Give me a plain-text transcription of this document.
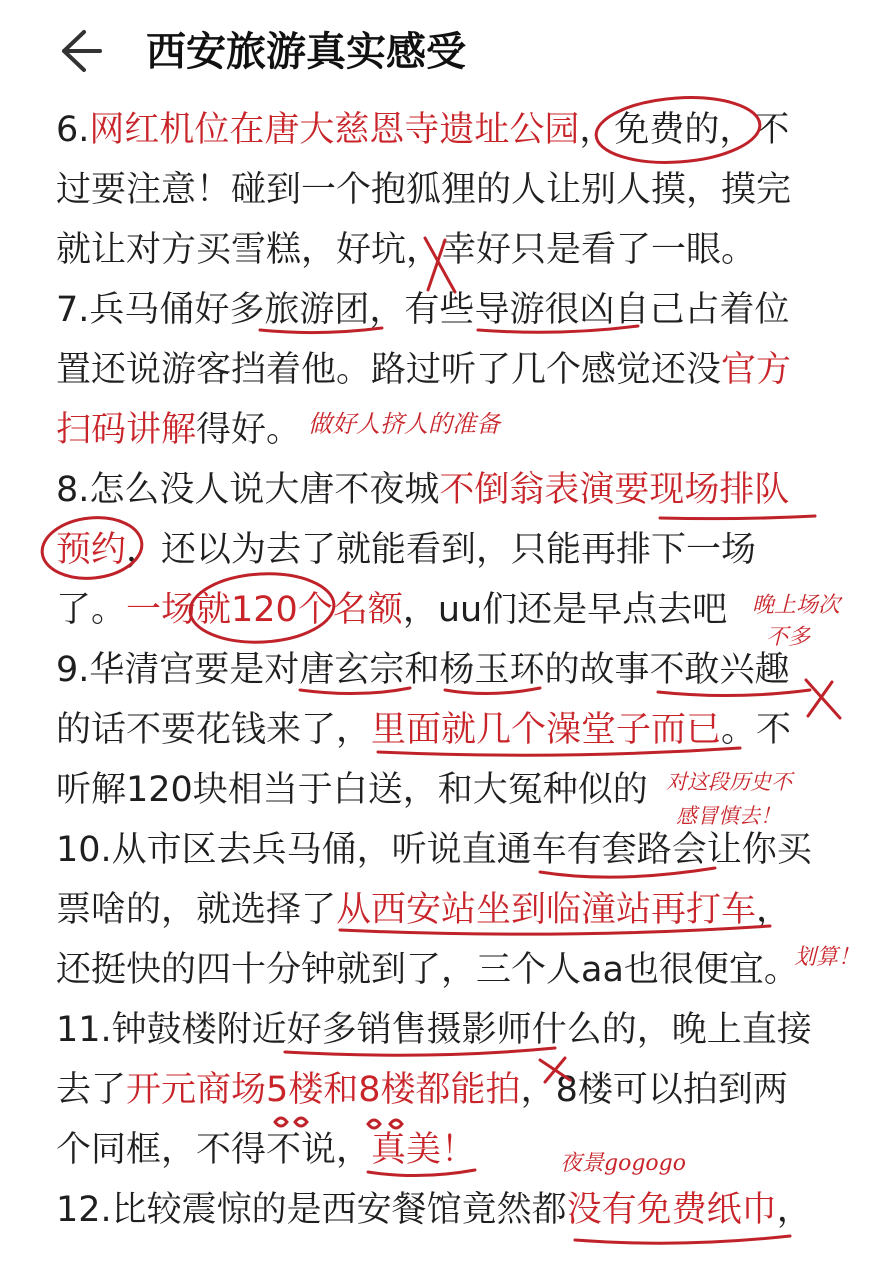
西安旅游真实感受
6.网红机位在唐大慈恩寺遗址公园，免费的，不
过要注意！碰到一个抱狐狸的人让别人摸，摸完
就让对方买雪糕，好坑，幸好只是看了一眼。
7.兵马俑好多旅游团，有些导游很凶自己占着位
置还说游客挡着他。路过听了几个感觉还没官方
扫码讲解得好。
8.怎么没人说大唐不夜城不倒翁表演要现场排队
预约，还以为去了就能看到，只能再排下一场
了。一场就120个名额，uu们还是早点去吧
9.华清宫要是对唐玄宗和杨玉环的故事不敢兴趣
的话不要花钱来了，里面就几个澡堂子而已。不
听解120块相当于白送，和大冤种似的
10.从市区去兵马俑，听说直通车有套路会让你买
票啥的，就选择了从西安站坐到临潼站再打车，
还挺快的四十分钟就到了，三个人aa也很便宜。
11.钟鼓楼附近好多销售摄影师什么的，晚上直接
去了开元商场5楼和8楼都能拍，8楼可以拍到两
个同框，不得不说，真美！
12.比较震惊的是西安餐馆竟然都没有免费纸巾，
做好人挤人的准备
晚上场次
不多
对这段历史不
感冒慎去！
划算！
夜景gogogo
